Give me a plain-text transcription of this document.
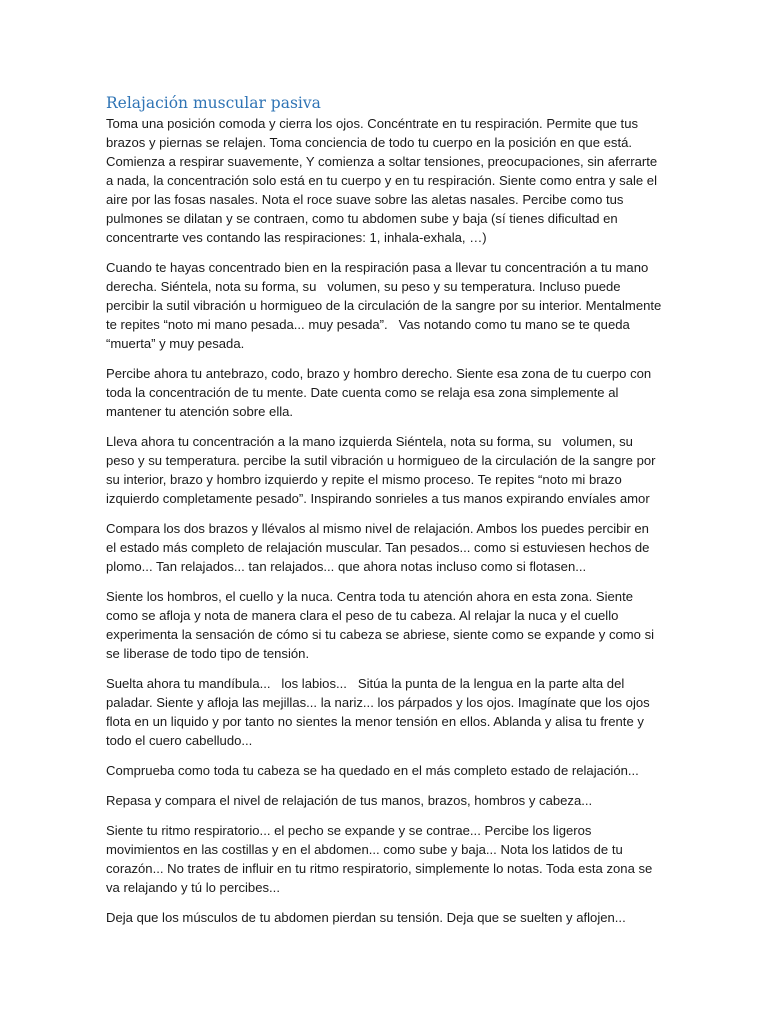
Relajación muscular pasiva

Toma una posición comoda y cierra los ojos. Concéntrate en tu respiración. Permite que tus brazos y piernas se relajen. Toma conciencia de todo tu cuerpo en la posición en que está. Comienza a respirar suavemente, Y comienza a soltar tensiones, preocupaciones, sin aferrarte a nada, la concentración solo está en tu cuerpo y en tu respiración. Siente como entra y sale el aire por las fosas nasales. Nota el roce suave sobre las aletas nasales. Percibe como tus pulmones se dilatan y se contraen, como tu abdomen sube y baja (sí tienes dificultad en concentrarte ves contando las respiraciones: 1, inhala-exhala, …)

Cuando te hayas concentrado bien en la respiración pasa a llevar tu concentración a tu mano derecha. Siéntela, nota su forma, su   volumen, su peso y su temperatura. Incluso puede percibir la sutil vibración u hormigueo de la circulación de la sangre por su interior. Mentalmente te repites “noto mi mano pesada... muy pesada”.   Vas notando como tu mano se te queda “muerta” y muy pesada.

Percibe ahora tu antebrazo, codo, brazo y hombro derecho. Siente esa zona de tu cuerpo con toda la concentración de tu mente. Date cuenta como se relaja esa zona simplemente al mantener tu atención sobre ella.

Lleva ahora tu concentración a la mano izquierda Siéntela, nota su forma, su   volumen, su peso y su temperatura. percibe la sutil vibración u hormigueo de la circulación de la sangre por su interior, brazo y hombro izquierdo y repite el mismo proceso. Te repites “noto mi brazo izquierdo completamente pesado”. Inspirando sonrieles a tus manos expirando envíales amor

Compara los dos brazos y llévalos al mismo nivel de relajación. Ambos los puedes percibir en el estado más completo de relajación muscular. Tan pesados... como si estuviesen hechos de plomo... Tan relajados... tan relajados... que ahora notas incluso como si flotasen...

Siente los hombros, el cuello y la nuca. Centra toda tu atención ahora en esta zona. Siente como se afloja y nota de manera clara el peso de tu cabeza. Al relajar la nuca y el cuello experimenta la sensación de cómo si tu cabeza se abriese, siente como se expande y como si se liberase de todo tipo de tensión.

Suelta ahora tu mandíbula...   los labios...   Sitúa la punta de la lengua en la parte alta del paladar. Siente y afloja las mejillas... la nariz... los párpados y los ojos. Imagínate que los ojos flota en un liquido y por tanto no sientes la menor tensión en ellos. Ablanda y alisa tu frente y todo el cuero cabelludo...

Comprueba como toda tu cabeza se ha quedado en el más completo estado de relajación...

Repasa y compara el nivel de relajación de tus manos, brazos, hombros y cabeza...

Siente tu ritmo respiratorio... el pecho se expande y se contrae... Percibe los ligeros movimientos en las costillas y en el abdomen... como sube y baja... Nota los latidos de tu corazón... No trates de influir en tu ritmo respiratorio, simplemente lo notas. Toda esta zona se va relajando y tú lo percibes...

Deja que los músculos de tu abdomen pierdan su tensión. Deja que se suelten y aflojen...
